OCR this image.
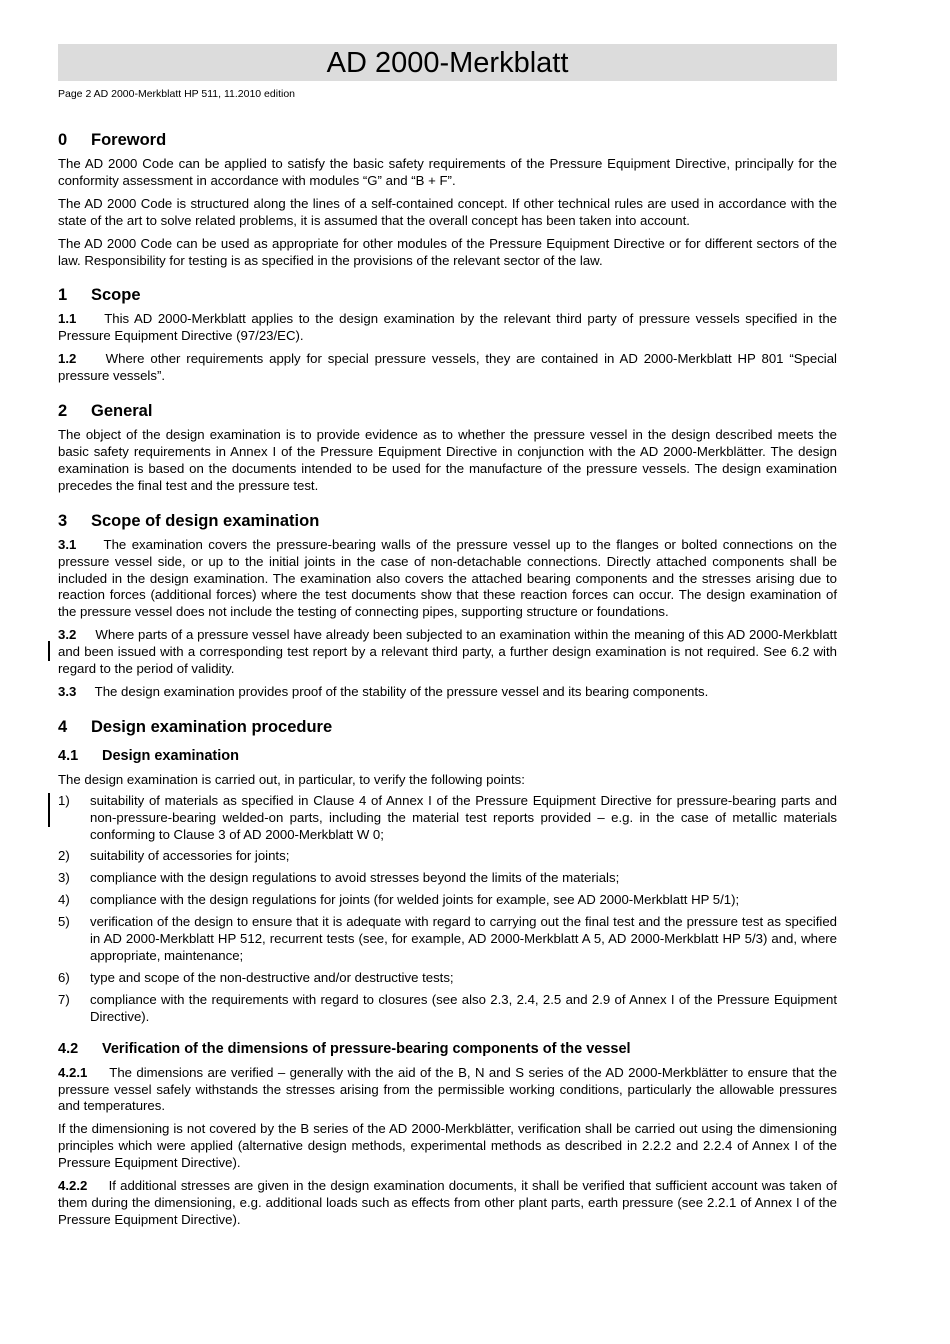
AD 2000-Merkblatt
Page 2 AD 2000-Merkblatt HP 511, 11.2010 edition
0 Foreword

The AD 2000 Code can be applied to satisfy the basic safety requirements of the Pressure Equipment Directive, principally for the conformity assessment in accordance with modules “G” and “B + F”.

The AD 2000 Code is structured along the lines of a self-contained concept. If other technical rules are used in accordance with the state of the art to solve related problems, it is assumed that the overall concept has been taken into account.

The AD 2000 Code can be used as appropriate for other modules of the Pressure Equipment Directive or for different sectors of the law. Responsibility for testing is as specified in the provisions of the relevant sector of the law.

1 Scope

1.1 This AD 2000-Merkblatt applies to the design examination by the relevant third party of pressure vessels specified in the Pressure Equipment Directive (97/23/EC).

1.2 Where other requirements apply for special pressure vessels, they are contained in AD 2000-Merkblatt HP 801 “Special pressure vessels”.

2 General

The object of the design examination is to provide evidence as to whether the pressure vessel in the design described meets the basic safety requirements in Annex I of the Pressure Equipment Directive in conjunction with the AD 2000-Merkblätter. The design examination is based on the documents intended to be used for the manufacture of the pressure vessels. The design examination precedes the final test and the pressure test.

3 Scope of design examination

3.1 The examination covers the pressure-bearing walls of the pressure vessel up to the flanges or bolted connections on the pressure vessel side, or up to the initial joints in the case of non-detachable connections. Directly attached components shall be included in the design examination. The examination also covers the attached bearing components and the stresses arising due to reaction forces (additional forces) where the test documents show that these reaction forces can occur. The design examination of the pressure vessel does not include the testing of connecting pipes, supporting structure or foundations.

3.2 Where parts of a pressure vessel have already been subjected to an examination within the meaning of this AD 2000-Merkblatt and been issued with a corresponding test report by a relevant third party, a further design examination is not required. See 6.2 with regard to the period of validity.

3.3 The design examination provides proof of the stability of the pressure vessel and its bearing components.

4 Design examination procedure
4.1 Design examination

The design examination is carried out, in particular, to verify the following points:

1) suitability of materials as specified in Clause 4 of Annex I of the Pressure Equipment Directive for pressure-bearing parts and non-pressure-bearing welded-on parts, including the material test reports provided – e.g. in the case of metallic materials conforming to Clause 3 of AD 2000-Merkblatt W 0;
2) suitability of accessories for joints;
3) compliance with the design regulations to avoid stresses beyond the limits of the materials;
4) compliance with the design regulations for joints (for welded joints for example, see AD 2000-Merkblatt HP 5/1);
5) verification of the design to ensure that it is adequate with regard to carrying out the final test and the pressure test as specified in AD 2000-Merkblatt HP 512, recurrent tests (see, for example, AD 2000-Merkblatt A 5, AD 2000-Merkblatt HP 5/3) and, where appropriate, maintenance;
6) type and scope of the non-destructive and/or destructive tests;
7) compliance with the requirements with regard to closures (see also 2.3, 2.4, 2.5 and 2.9 of Annex I of the Pressure Equipment Directive).
4.2 Verification of the dimensions of pressure-bearing components of the vessel

4.2.1 The dimensions are verified – generally with the aid of the B, N and S series of the AD 2000-Merkblätter to ensure that the pressure vessel safely withstands the stresses arising from the permissible working conditions, particularly the allowable pressures and temperatures.

If the dimensioning is not covered by the B series of the AD 2000-Merkblätter, verification shall be carried out using the dimensioning principles which were applied (alternative design methods, experimental methods as described in 2.2.2 and 2.2.4 of Annex I of the Pressure Equipment Directive).

4.2.2 If additional stresses are given in the design examination documents, it shall be verified that sufficient account was taken of them during the dimensioning, e.g. additional loads such as effects from other plant parts, earth pressure (see 2.2.1 of Annex I of the Pressure Equipment Directive).
